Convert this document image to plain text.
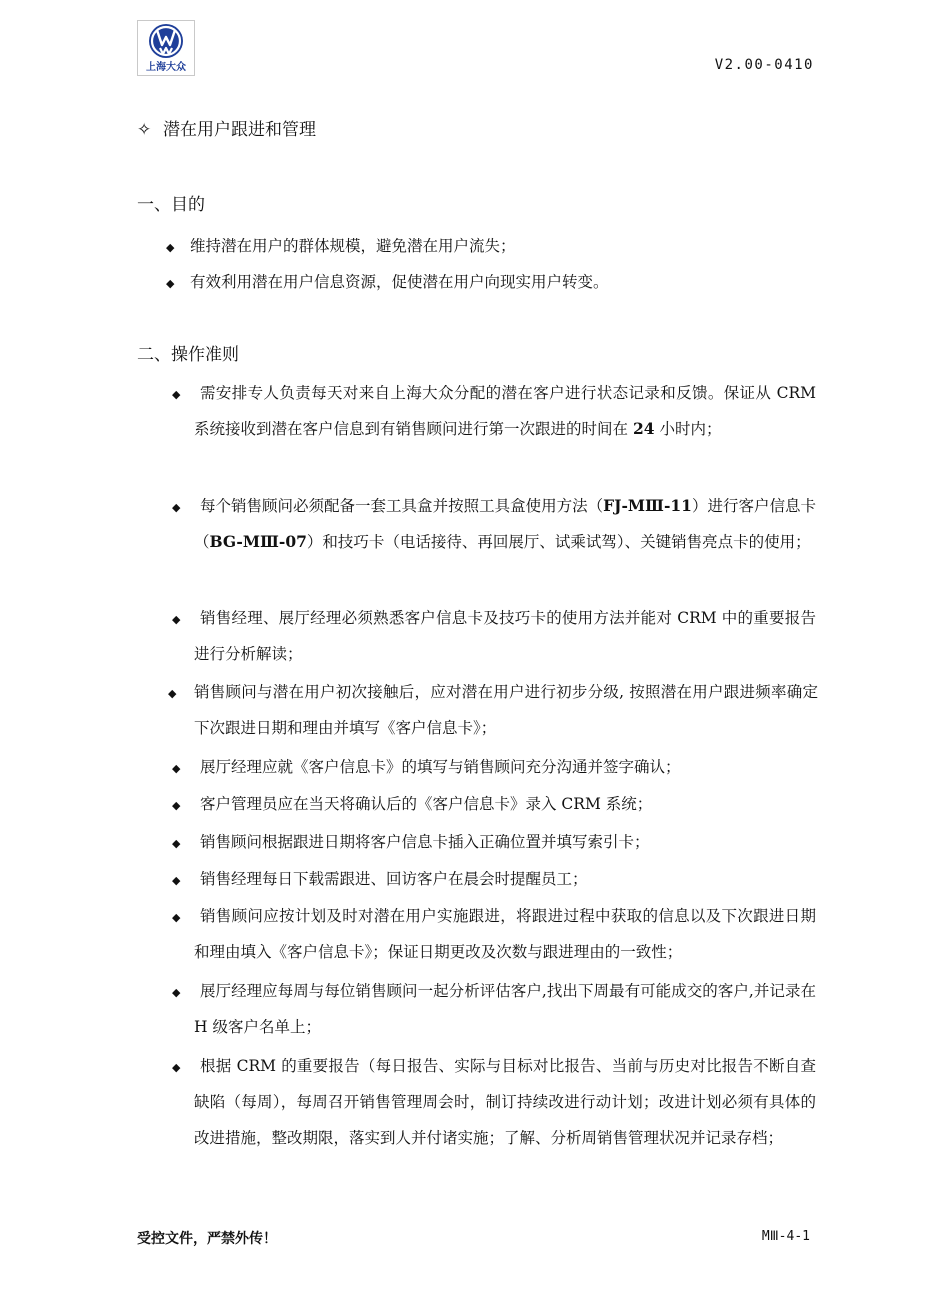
上海大众	V2.00-0410
✧ 潜在用户跟进和管理
一、目的
◆ 维持潜在用户的群体规模，避免潜在用户流失；
◆ 有效利用潜在用户信息资源，促使潜在用户向现实用户转变。
二、操作准则
◆ 需安排专人负责每天对来自上海大众分配的潜在客户进行状态记录和反馈。保证从 CRM 系统接收到潜在客户信息到有销售顾问进行第一次跟进的时间在 24 小时内；
◆ 每个销售顾问必须配备一套工具盒并按照工具盒使用方法（FJ-MⅢ-11）进行客户信息卡（BG-MⅢ-07）和技巧卡（电话接待、再回展厅、试乘试驾）、关键销售亮点卡的使用；
◆ 销售经理、展厅经理必须熟悉客户信息卡及技巧卡的使用方法并能对 CRM 中的重要报告进行分析解读；
◆ 销售顾问与潜在用户初次接触后，应对潜在用户进行初步分级, 按照潜在用户跟进频率确定下次跟进日期和理由并填写《客户信息卡》；
◆ 展厅经理应就《客户信息卡》的填写与销售顾问充分沟通并签字确认；
◆ 客户管理员应在当天将确认后的《客户信息卡》录入 CRM 系统；
◆ 销售顾问根据跟进日期将客户信息卡插入正确位置并填写索引卡；
◆ 销售经理每日下载需跟进、回访客户在晨会时提醒员工；
◆ 销售顾问应按计划及时对潜在用户实施跟进，将跟进过程中获取的信息以及下次跟进日期和理由填入《客户信息卡》；保证日期更改及次数与跟进理由的一致性；
◆ 展厅经理应每周与每位销售顾问一起分析评估客户,找出下周最有可能成交的客户,并记录在 H 级客户名单上；
◆ 根据 CRM 的重要报告（每日报告、实际与目标对比报告、当前与历史对比报告不断自查缺陷（每周），每周召开销售管理周会时，制订持续改进行动计划；改进计划必须有具体的改进措施，整改期限，落实到人并付诸实施；了解、分析周销售管理状况并记录存档；
受控文件，严禁外传！	MⅢ-4-1
